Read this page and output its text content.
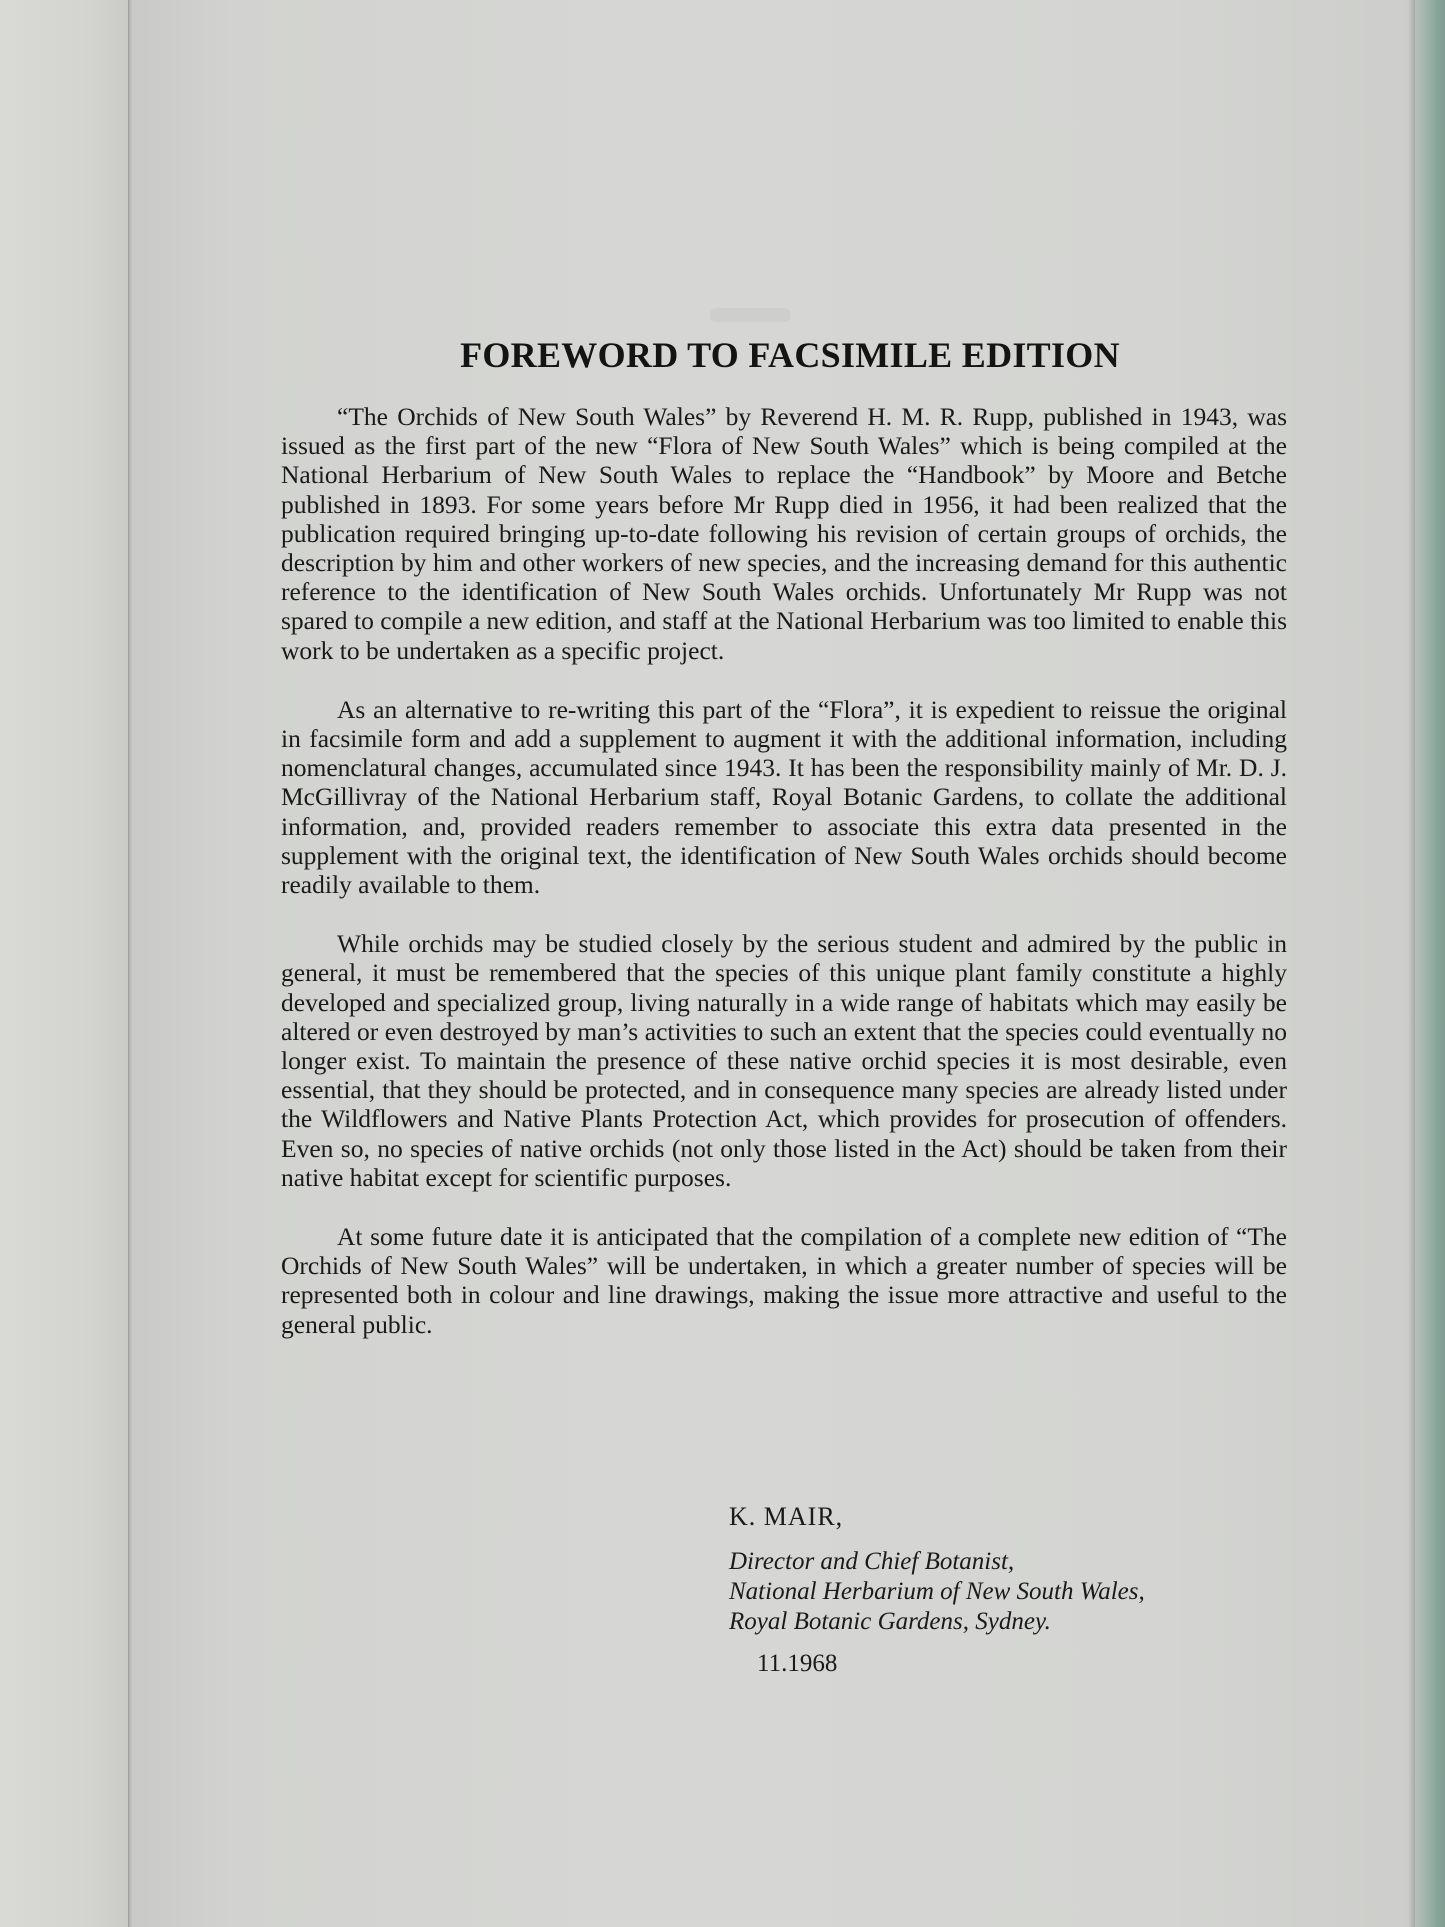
FOREWORD TO FACSIMILE EDITION

“The Orchids of New South Wales” by Reverend H. M. R. Rupp, published in 1943, was issued as the first part of the new “Flora of New South Wales” which is being compiled at the National Herbarium of New South Wales to replace the “Handbook” by Moore and Betche published in 1893. For some years before Mr Rupp died in 1956, it had been realized that the publication required bringing up-to-date following his revision of certain groups of orchids, the description by him and other workers of new species, and the increasing demand for this authentic reference to the identification of New South Wales orchids. Unfortunately Mr Rupp was not spared to compile a new edition, and staff at the National Herbarium was too limited to enable this work to be undertaken as a specific project.

As an alternative to re-writing this part of the “Flora”, it is expedient to reissue the original in facsimile form and add a supplement to augment it with the additional information, including nomenclatural changes, accumulated since 1943. It has been the responsibility mainly of Mr. D. J. McGillivray of the National Herbarium staff, Royal Botanic Gardens, to collate the additional information, and, provided readers remember to associate this extra data presented in the supplement with the original text, the identification of New South Wales orchids should become readily available to them.

While orchids may be studied closely by the serious student and admired by the public in general, it must be remembered that the species of this unique plant family constitute a highly developed and specialized group, living naturally in a wide range of habitats which may easily be altered or even destroyed by man’s activities to such an extent that the species could eventually no longer exist. To maintain the presence of these native orchid species it is most desirable, even essential, that they should be protected, and in consequence many species are already listed under the Wildflowers and Native Plants Protection Act, which provides for prosecution of offenders. Even so, no species of native orchids (not only those listed in the Act) should be taken from their native habitat except for scientific purposes.

At some future date it is anticipated that the compilation of a complete new edition of “The Orchids of New South Wales” will be undertaken, in which a greater number of species will be represented both in colour and line drawings, making the issue more attractive and useful to the general public.

K. MAIR,
Director and Chief Botanist,
National Herbarium of New South Wales,
Royal Botanic Gardens, Sydney.
11.1968
